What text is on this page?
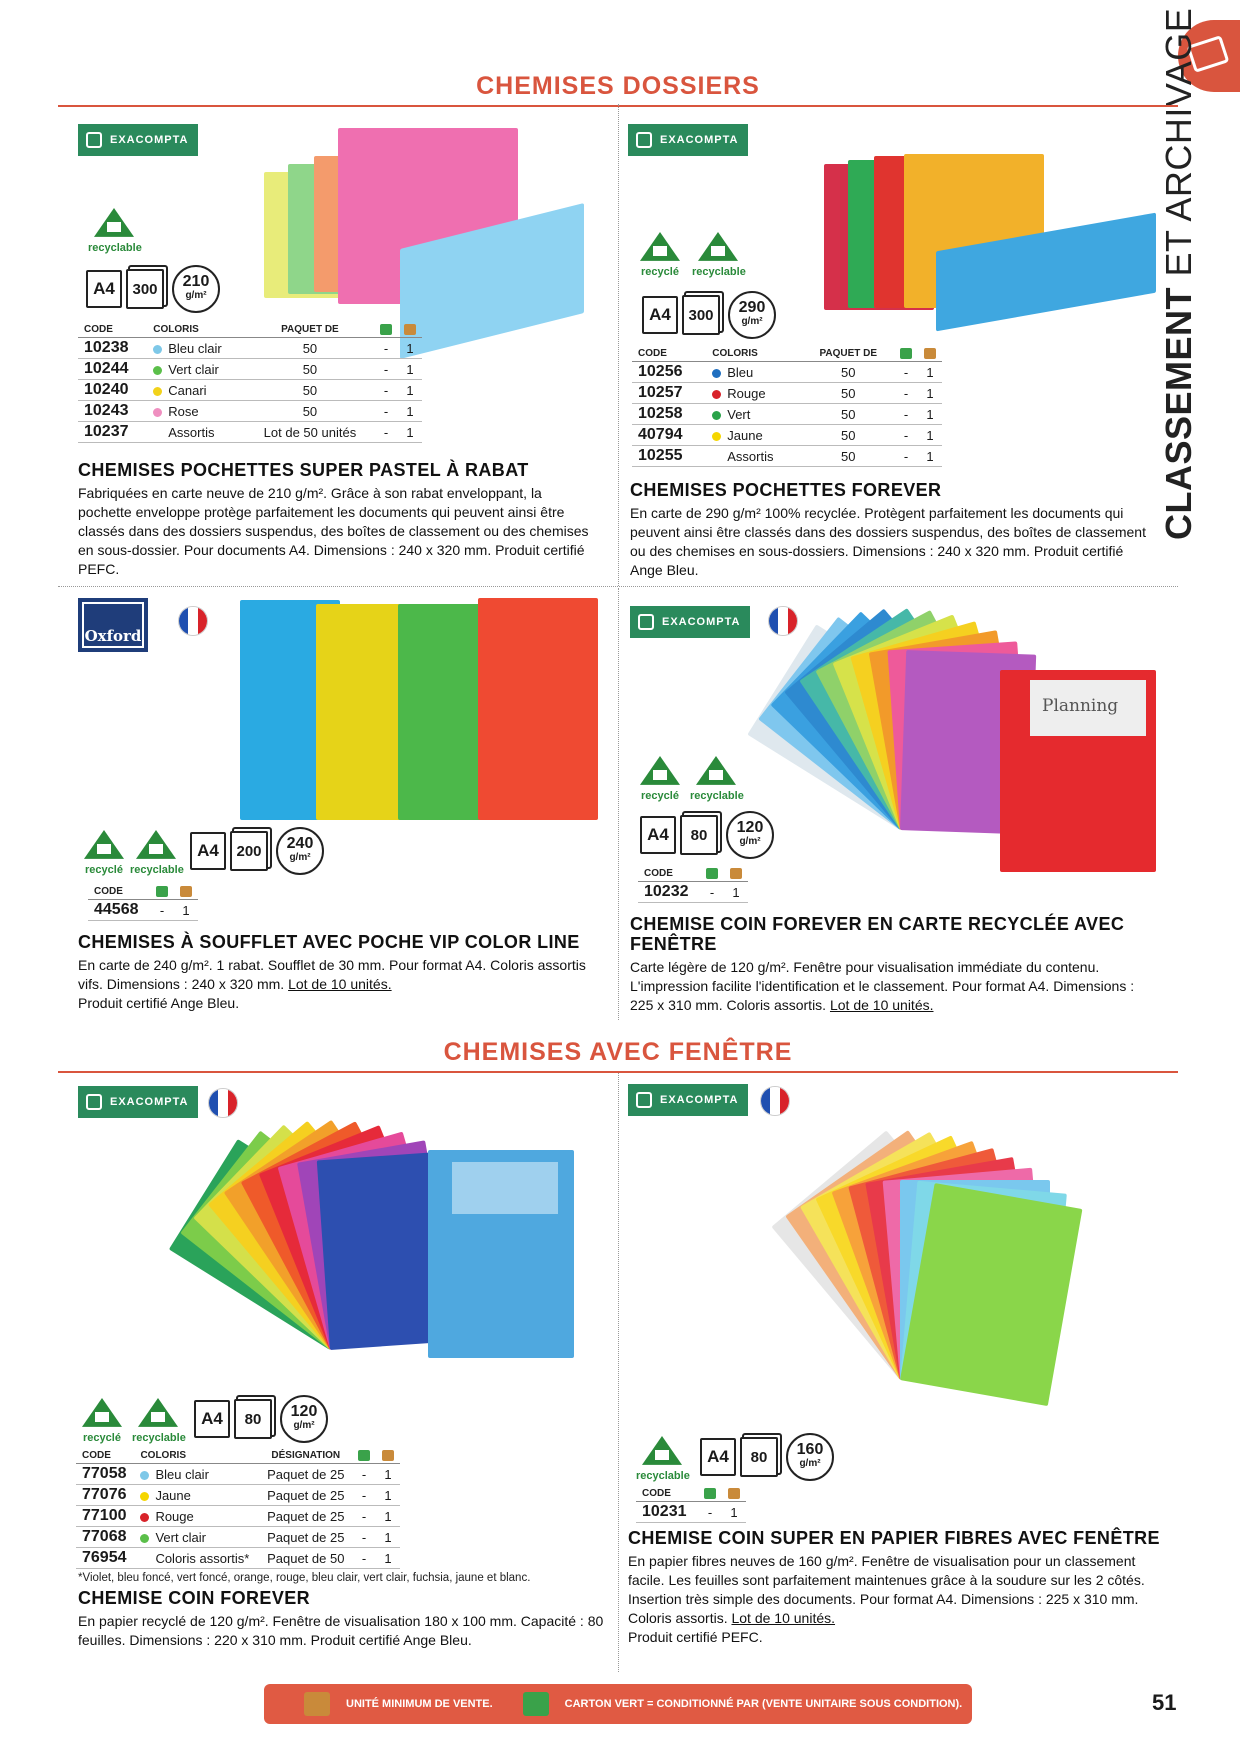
CLASSEMENT ET ARCHIVAGE
CHEMISES DOSSIERS
EXACOMPTA
recyclable
A4	300	210
g/m²
CODE	COLORIS	PAQUET DE		
10238	Bleu clair	50	-	1
10244	Vert clair	50	-	1
10240	Canari	50	-	1
10243	Rose	50	-	1
10237	Assortis	Lot de 50 unités	-	1
CHEMISES POCHETTES SUPER PASTEL À RABAT
Fabriquées en carte neuve de 210 g/m². Grâce à son rabat enveloppant, la pochette enveloppe protège parfaitement les documents qui peuvent ainsi être classés dans des dossiers suspendus, des boîtes de classement ou des chemises en sous-dossier. Pour documents A4. Dimensions : 240 x 320 mm. Produit certifié PEFC.
EXACOMPTA
recyclé	recyclable
A4	300	290
g/m²
CODE	COLORIS	PAQUET DE		
10256	Bleu	50	-	1
10257	Rouge	50	-	1
10258	Vert	50	-	1
40794	Jaune	50	-	1
10255	Assortis	50	-	1
CHEMISES POCHETTES FOREVER
En carte de 290 g/m² 100% recyclée. Protègent parfaitement les documents qui peuvent ainsi être classés dans des dossiers suspendus, des boîtes de classement ou des chemises en sous-dossiers. Dimensions : 240 x 320 mm. Produit certifié Ange Bleu.
Oxford
recyclé recyclable
A4	200	240
g/m²
CODE		
44568	-	1
CHEMISES À SOUFFLET AVEC POCHE VIP COLOR LINE
En carte de 240 g/m². 1 rabat. Soufflet de 30 mm. Pour format A4. Coloris assortis vifs. Dimensions : 240 x 320 mm. Lot de 10 unités.
Produit certifié Ange Bleu.
EXACOMPTA
Planning
recyclé	recyclable
A4	80	120
g/m²
CODE		
10232	-	1
CHEMISE COIN FOREVER EN CARTE RECYCLÉE AVEC
FENÊTRE
Carte légère de 120 g/m². Fenêtre pour visualisation immédiate du contenu. L'impression facilite l'identification et le classement. Pour format A4. Dimensions : 225 x 310 mm. Coloris assortis. Lot de 10 unités.
CHEMISES AVEC FENÊTRE
EXACOMPTA
recyclé	recyclable
A4	80	120
g/m²
CODE	COLORIS	DÉSIGNATION		
77058	Bleu clair	Paquet de 25	-	1
77076	Jaune	Paquet de 25	-	1
77100	Rouge	Paquet de 25	-	1
77068	Vert clair	Paquet de 25	-	1
76954	Coloris assortis*	Paquet de 50	-	1
*Violet, bleu foncé, vert foncé, orange, rouge, bleu clair, vert clair, fuchsia, jaune et blanc.
CHEMISE COIN FOREVER
En papier recyclé de 120 g/m². Fenêtre de visualisation 180 x 100 mm. Capacité : 80 feuilles. Dimensions : 220 x 310 mm. Produit certifié Ange Bleu.
EXACOMPTA
recyclable
A4	80	160
g/m²
CODE		
10231	-	1
CHEMISE COIN SUPER EN PAPIER FIBRES AVEC FENÊTRE
En papier fibres neuves de 160 g/m². Fenêtre de visualisation pour un classement facile. Les feuilles sont parfaitement maintenues grâce à la soudure sur les 2 côtés. Insertion très simple des documents. Pour format A4. Dimensions : 225 x 310 mm. Coloris assortis. Lot de 10 unités.
Produit certifié PEFC.
UNITÉ MINIMUM DE VENTE.	CARTON VERT = CONDITIONNÉ PAR (VENTE UNITAIRE SOUS CONDITION).	51
